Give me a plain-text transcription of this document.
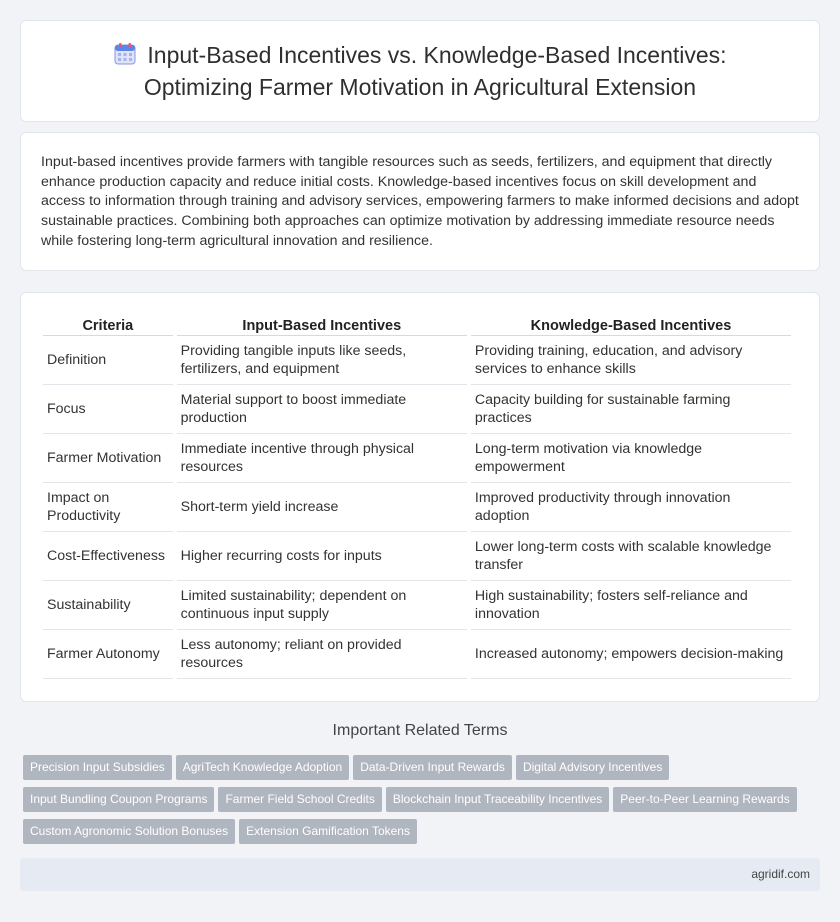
Input-Based Incentives vs. Knowledge-Based Incentives:
Optimizing Farmer Motivation in Agricultural Extension

Input-based incentives provide farmers with tangible resources such as seeds, fertilizers, and equipment that directly enhance production capacity and reduce initial costs. Knowledge-based incentives focus on skill development and access to information through training and advisory services, empowering farmers to make informed decisions and adopt sustainable practices. Combining both approaches can optimize motivation by addressing immediate resource needs while fostering long-term agricultural innovation and resilience.

Criteria	Input-Based Incentives	Knowledge-Based Incentives
Definition	Providing tangible inputs like seeds, fertilizers, and equipment	Providing training, education, and advisory services to enhance skills
Focus	Material support to boost immediate production	Capacity building for sustainable farming practices
Farmer Motivation	Immediate incentive through physical resources	Long-term motivation via knowledge empowerment
Impact on Productivity	Short-term yield increase	Improved productivity through innovation adoption
Cost-Effectiveness	Higher recurring costs for inputs	Lower long-term costs with scalable knowledge transfer
Sustainability	Limited sustainability; dependent on continuous input supply	High sustainability; fosters self-reliance and innovation
Farmer Autonomy	Less autonomy; reliant on provided resources	Increased autonomy; empowers decision-making
Important Related Terms
Precision Input Subsidies AgriTech Knowledge Adoption Data-Driven Input Rewards Digital Advisory Incentives
Input Bundling Coupon Programs Farmer Field School Credits Blockchain Input Traceability Incentives Peer-to-Peer Learning Rewards
Custom Agronomic Solution Bonuses Extension Gamification Tokens
agridif.com
